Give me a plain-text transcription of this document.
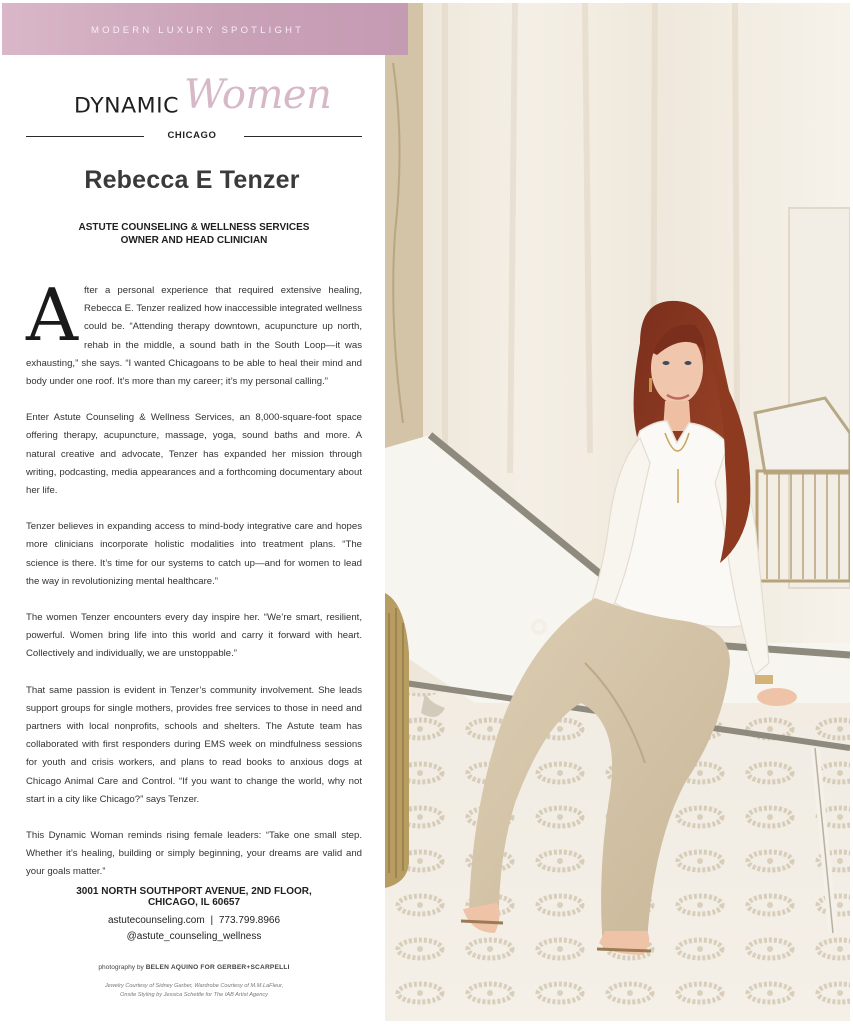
MODERN LUXURY SPOTLIGHT
DYNAMIC Women
CHICAGO
Rebecca E Tenzer
ASTUTE COUNSELING & WELLNESS SERVICES
OWNER AND HEAD CLINICIAN

After a personal experience that required extensive healing, Rebecca E. Tenzer realized how inaccessible integrated wellness could be. “Attending therapy downtown, acupuncture up north, rehab in the middle, a sound bath in the South Loop—it was exhausting,” she says. “I wanted Chicagoans to be able to heal their mind and body under one roof. It’s more than my career; it’s my personal calling.”

Enter Astute Counseling & Wellness Services, an 8,000-square-foot space offering therapy, acupuncture, massage, yoga, sound baths and more. A natural creative and advocate, Tenzer has expanded her mission through writing, podcasting, media appearances and a forthcoming documentary about her life.

Tenzer believes in expanding access to mind-body integrative care and hopes more clinicians incorporate holistic modalities into treatment plans. “The science is there. It’s time for our systems to catch up—and for women to lead the way in revolutionizing mental healthcare.”

The women Tenzer encounters every day inspire her. “We’re smart, resilient, powerful. Women bring life into this world and carry it forward with heart. Collectively and individually, we are unstoppable.”

That same passion is evident in Tenzer’s community involvement. She leads support groups for single mothers, provides free services to those in need and partners with local nonprofits, schools and shelters. The Astute team has collaborated with first responders during EMS week on mindfulness sessions for youth and crisis workers, and plans to read books to anxious dogs at Chicago Animal Care and Control. “If you want to change the world, why not start in a city like Chicago?” says Tenzer.

This Dynamic Woman reminds rising female leaders: “Take one small step. Whether it’s healing, building or simply beginning, your dreams are valid and your goals matter.”

3001 NORTH SOUTHPORT AVENUE, 2ND FLOOR,
CHICAGO, IL 60657
astutecounseling.com | 773.799.8966
@astute_counseling_wellness
photography by BELEN AQUINO FOR GERBER+SCARPELLI
Jewelry Courtesy of Sidney Garber, Wardrobe Courtesy of M.M.LaFleur,
Onsite Styling by Jessica Schettle for The IAB Artist Agency
